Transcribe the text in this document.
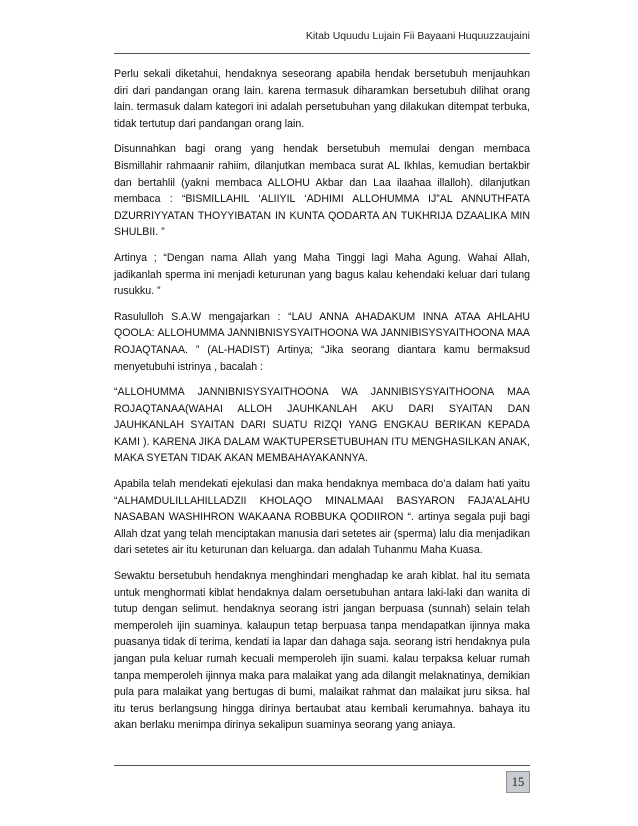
Kitab Uquudu Lujain Fii Bayaani Huquuzzaujaini

Perlu sekali diketahui, hendaknya seseorang apabila hendak bersetubuh menjauhkan diri dari pandangan orang lain. karena termasuk diharamkan bersetubuh dilihat orang lain. termasuk dalam kategori ini adalah persetubuhan yang dilakukan ditempat terbuka, tidak tertutup dari pandangan orang lain.

Disunnahkan bagi orang yang hendak bersetubuh memulai dengan membaca Bismillahir rahmaanir rahiim, dilanjutkan membaca surat AL Ikhlas, kemudian bertakbir dan bertahlil (yakni membaca ALLOHU Akbar dan Laa ilaahaa illalloh). dilanjutkan membaca : “BISMILLAHIL ‘ALIIYIL ‘ADHIMI ALLOHUMMA IJ”AL ANNUTHFATA DZURRIYYATAN THOYYIBATAN IN KUNTA QODARTA AN TUKHRIJA DZAALIKA MIN SHULBII. ”

Artinya ; “Dengan nama Allah yang Maha Tinggi lagi Maha Agung. Wahai Allah, jadikanlah sperma ini menjadi keturunan yang bagus kalau kehendaki keluar dari tulang rusukku. ”

Rasululloh S.A.W mengajarkan : “LAU ANNA AHADAKUM INNA ATAA AHLAHU QOOLA: ALLOHUMMA JANNIBNISYSYAITHOONA WA JANNIBISYSYAITHOONA MAA ROJAQTANAA. ” (AL-HADIST) Artinya; “Jika seorang diantara kamu bermaksud menyetubuhi istrinya , bacalah :

“ALLOHUMMA JANNIBNISYSYAITHOONA WA JANNIBISYSYAITHOONA MAA ROJAQTANAA(WAHAI ALLOH JAUHKANLAH AKU DARI SYAITAN DAN JAUHKANLAH SYAITAN DARI SUATU RIZQI YANG ENGKAU BERIKAN KEPADA KAMI ). KARENA JIKA DALAM WAKTUPERSETUBUHAN ITU MENGHASILKAN ANAK, MAKA SYETAN TIDAK AKAN MEMBAHAYAKANNYA.

Apabila telah mendekati ejekulasi dan maka hendaknya membaca do’a dalam hati yaitu “ALHAMDULILLAHILLADZII KHOLAQO MINALMAAI BASYARON FAJA’ALAHU NASABAN WASHIHRON WAKAANA ROBBUKA QODIIRON “. artinya segala puji bagi Allah dzat yang telah menciptakan manusia dari setetes air (sperma) lalu dia menjadikan dari setetes air itu keturunan dan keluarga. dan adalah Tuhanmu Maha Kuasa.

Sewaktu bersetubuh hendaknya menghindari menghadap ke arah kiblat. hal itu semata untuk menghormati kiblat hendaknya dalam oersetubuhan antara laki-laki dan wanita di tutup dengan selimut. hendaknya seorang istri jangan berpuasa (sunnah) selain telah memperoleh ijin suaminya. kalaupun tetap berpuasa tanpa mendapatkan ijinnya maka puasanya tidak di terima, kendati ia lapar dan dahaga saja. seorang istri hendaknya pula jangan pula keluar rumah kecuali memperoleh ijin suami. kalau terpaksa keluar rumah tanpa memperoleh ijinnya maka para malaikat yang ada dilangit melaknatinya, demikian pula para malaikat yang bertugas di bumi, malaikat rahmat dan malaikat juru siksa. hal itu terus berlangsung hingga dirinya bertaubat atau kembali kerumahnya. bahaya itu akan berlaku menimpa dirinya sekalipun suaminya seorang yang aniaya.

15
